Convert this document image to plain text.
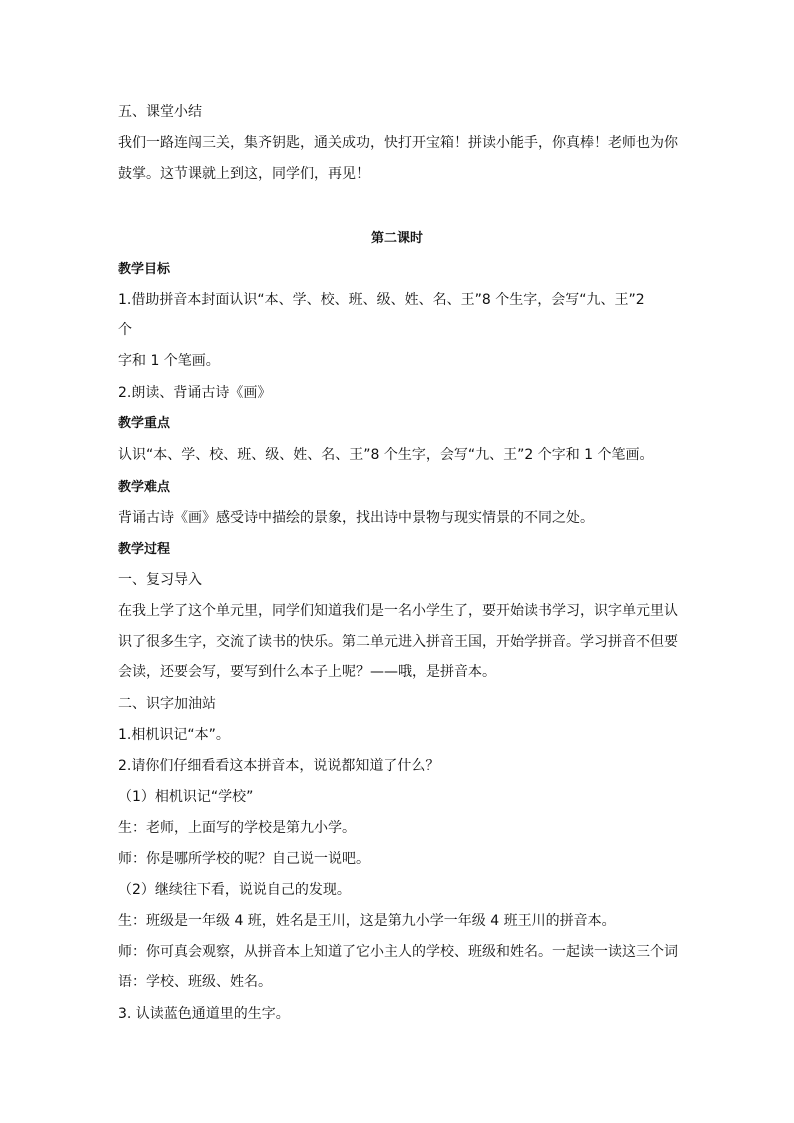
五、课堂小结
我们一路连闯三关，集齐钥匙，通关成功，快打开宝箱！拼读小能手，你真棒！老师也为你
鼓掌。这节课就上到这，同学们，再见！
第二课时
教学目标
1.借助拼音本封面认识“本、学、校、班、级、姓、名、王”8 个生字，会写“九、王”2
个
字和 1 个笔画。
2.朗读、背诵古诗《画》
教学重点
认识“本、学、校、班、级、姓、名、王”8 个生字，会写“九、王”2 个字和 1 个笔画。
教学难点
背诵古诗《画》感受诗中描绘的景象，找出诗中景物与现实情景的不同之处。
教学过程
一、复习导入
在我上学了这个单元里，同学们知道我们是一名小学生了，要开始读书学习，识字单元里认
识了很多生字，交流了读书的快乐。第二单元进入拼音王国，开始学拼音。学习拼音不但要
会读，还要会写，要写到什么本子上呢？——哦，是拼音本。
二、识字加油站
1.相机识记“本”。
2.请你们仔细看看这本拼音本，说说都知道了什么？
（1）相机识记“学校”
生：老师，上面写的学校是第九小学。
师：你是哪所学校的呢？自己说一说吧。
（2）继续往下看，说说自己的发现。
生：班级是一年级 4 班，姓名是王川，这是第九小学一年级 4 班王川的拼音本。
师：你可真会观察，从拼音本上知道了它小主人的学校、班级和姓名。一起读一读这三个词
语：学校、班级、姓名。
3. 认读蓝色通道里的生字。
